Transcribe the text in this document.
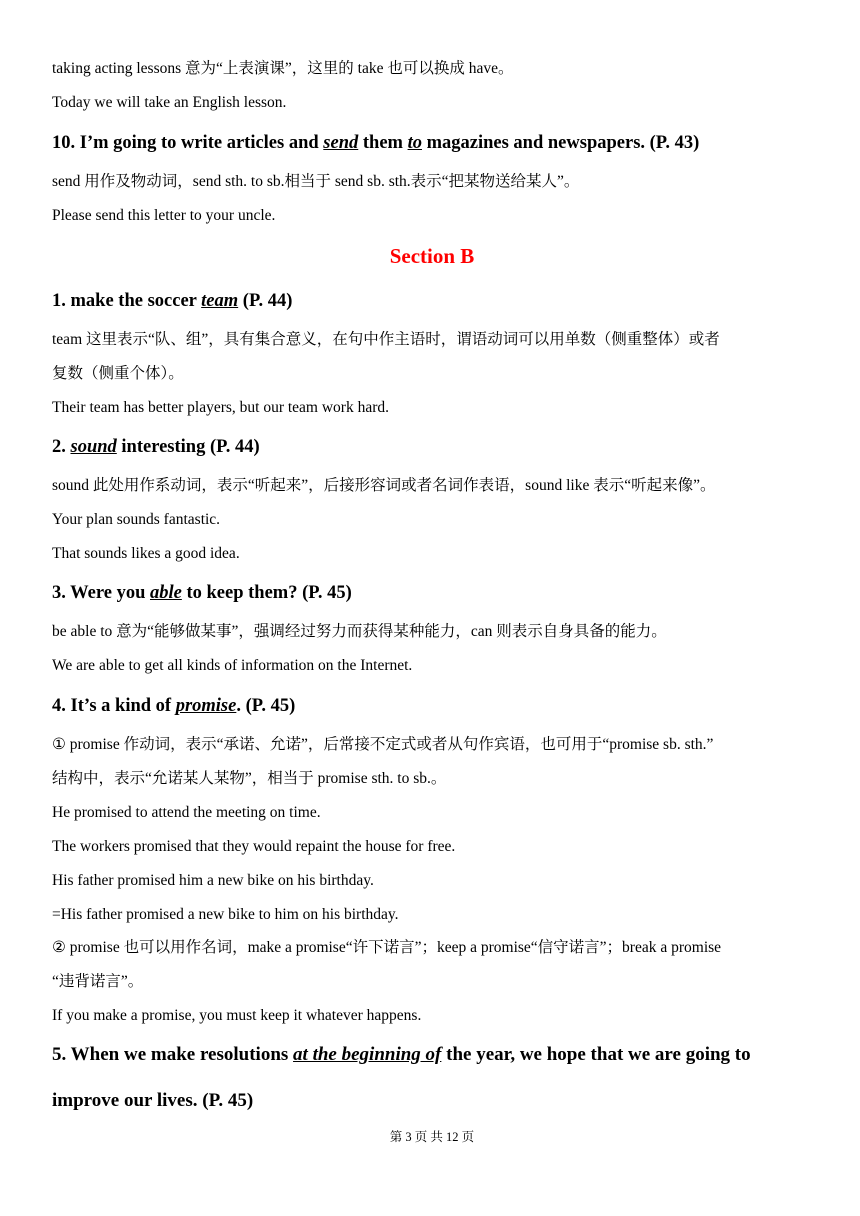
taking acting lessons 意为“上表演课”，这里的 take 也可以换成 have。
Today we will take an English lesson.
10. I’m going to write articles and send them to magazines and newspapers. (P. 43)
send 用作及物动词，send sth. to sb.相当于 send sb. sth.表示“把某物送给某人”。
Please send this letter to your uncle.
Section B
1. make the soccer team (P. 44)
team 这里表示“队、组”，具有集合意义，在句中作主语时，谓语动词可以用单数（侧重整体）或者
复数（侧重个体）。
Their team has better players, but our team work hard.
2. sound interesting (P. 44)
sound 此处用作系动词，表示“听起来”，后接形容词或者名词作表语，sound like 表示“听起来像”。
Your plan sounds fantastic.
That sounds likes a good idea.
3. Were you able to keep them? (P. 45)
be able to 意为“能够做某事”，强调经过努力而获得某种能力，can 则表示自身具备的能力。
We are able to get all kinds of information on the Internet.
4. It’s a kind of promise. (P. 45)
① promise 作动词，表示“承诺、允诺”，后常接不定式或者从句作宾语，也可用于“promise sb. sth.”
结构中，表示“允诺某人某物”，相当于 promise sth. to sb.。
He promised to attend the meeting on time.
The workers promised that they would repaint the house for free.
His father promised him a new bike on his birthday.
=His father promised a new bike to him on his birthday.
② promise 也可以用作名词，make a promise“许下诺言”；keep a promise“信守诺言”；break a promise
“违背诺言”。
If you make a promise, you must keep it whatever happens.
5. When we make resolutions at the beginning of the year, we hope that we are going to
improve our lives. (P. 45)
第 3 页 共 12 页
